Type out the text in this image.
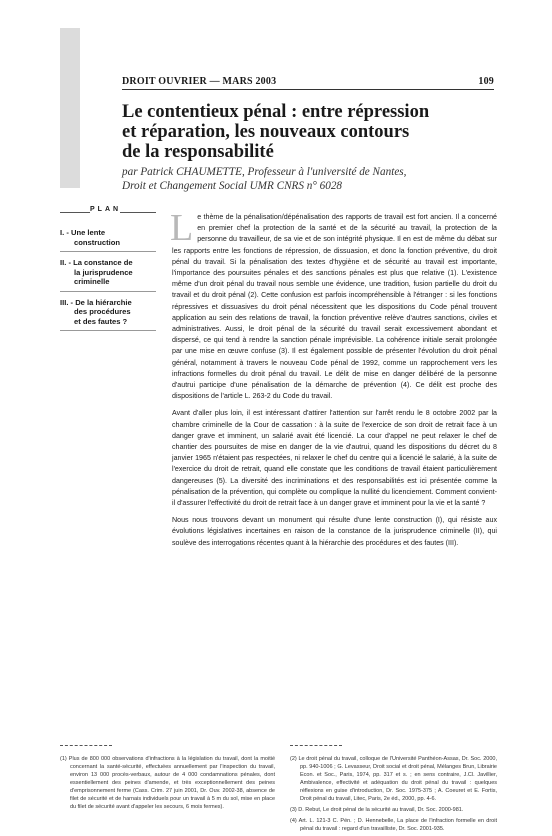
DROIT OUVRIER — MARS 2003	109
Le contentieux pénal : entre répression
et réparation, les nouveaux contours
de la responsabilité
par Patrick CHAUMETTE, Professeur à l'université de Nantes,
Droit et Changement Social UMR CNRS n° 6028
PLAN
I. - Une lente
construction
II. - La constance de
la jurisprudence
criminelle
III. - De la hiérarchie
des procédures
et des fautes ?

Le thème de la pénalisation/dépénalisation des rapports de travail est fort ancien. Il a concerné en premier chef la protection de la santé et de la sécurité au travail, la protection de la personne du travailleur, de sa vie et de son intégrité physique. Il en est de même du débat sur les rapports entre les fonctions de répression, de dissuasion, et donc la fonction préventive, du droit pénal du travail. Si la pénalisation des textes d'hygiène et de sécurité au travail est importante, l'importance des poursuites pénales et des sanctions pénales est plus que relative (1). L'existence même d'un droit pénal du travail nous semble une évidence, une tradition, fusion partielle du droit du travail et du droit pénal (2). Cette confusion est parfois incompréhensible à l'étranger : si les fonctions répressives et dissuasives du droit pénal nécessitent que les dispositions du Code pénal trouvent application au sein des relations de travail, la fonction préventive relève d'autres sanctions, civiles et administratives. Aussi, le droit pénal de la sécurité du travail serait excessivement abondant et dispersé, ce qui tend à rendre la sanction pénale imprévisible. La cohérence initiale serait prolongée par une mise en œuvre confuse (3). Il est également possible de présenter l'évolution du droit pénal général, notamment à travers le nouveau Code pénal de 1992, comme un rapprochement vers les infractions formelles du droit pénal du travail. Le délit de mise en danger délibéré de la personne d'autrui participe d'une pénalisation de la démarche de prévention (4). Ce délit est proche des dispositions de l'article L. 263-2 du Code du travail.

Avant d'aller plus loin, il est intéressant d'attirer l'attention sur l'arrêt rendu le 8 octobre 2002 par la chambre criminelle de la Cour de cassation : à la suite de l'exercice de son droit de retrait face à un danger grave et imminent, un salarié avait été licencié. La cour d'appel ne peut relaxer le chef de chantier des poursuites de mise en danger de la vie d'autrui, quand les dispositions du décret du 8 janvier 1965 n'étaient pas respectées, ni relaxer le chef du centre qui a licencié le salarié, à la suite de l'exercice du droit de retrait, quand elle constate que les conditions de travail étaient particulièrement dangereuses (5). La diversité des incriminations et des responsabilités est ici présentée comme la pénalisation de la prévention, qui complète ou complique la nullité du licenciement. Comment convient-il d'assurer l'effectivité du droit de retrait face à un danger grave et imminent pour la vie et la santé ?

Nous nous trouvons devant un monument qui résulte d'une lente construction (I), qui résiste aux évolutions législatives incertaines en raison de la constance de la jurisprudence criminelle (II), qui soulève des interrogations récentes quant à la hiérarchie des procédures et des fautes (III).

(1) Plus de 800 000 observations d'infractions à la législation du travail, dont la moitié concernant la santé-sécurité, effectuées annuellement par l'inspection du travail, environ 13 000 procès-verbaux, autour de 4 000 condamnations pénales, dont essentiellement des peines d'amende, et très exceptionnellement des peines d'emprisonnement ferme (Cass. Crim. 27 juin 2001, Dr. Ouv. 2002-38, absence de filet de sécurité et de harnais individuels pour un travail à 5 m du sol, mise en place du filet de sécurité avant d'appeler les secours, 6 mois fermes).

(2) Le droit pénal du travail, colloque de l'Université Panthéon-Assas, Dr. Soc. 2000, pp. 940-1006 ; G. Levasseur, Droit social et droit pénal, Mélanges Brun, Librairie Econ. et Soc., Paris, 1974, pp. 317 et s. ; en sens contraire, J.Cl. Javillier, Ambivalence, effectivité et adéquation du droit pénal du travail : quelques réflexions en guise d'introduction, Dr. Soc. 1975-375 ; A. Coeuret et E. Fortis, Droit pénal du travail, Litec, Paris, 2e éd., 2000, pp. 4-6.

(3) D. Rebut, Le droit pénal de la sécurité au travail, Dr. Soc. 2000-981.

(4) Art. L. 121-3 C. Pén. ; D. Hennebelle, La place de l'infraction formelle en droit pénal du travail : regard d'un travailliste, Dr. Soc. 2001-935.
